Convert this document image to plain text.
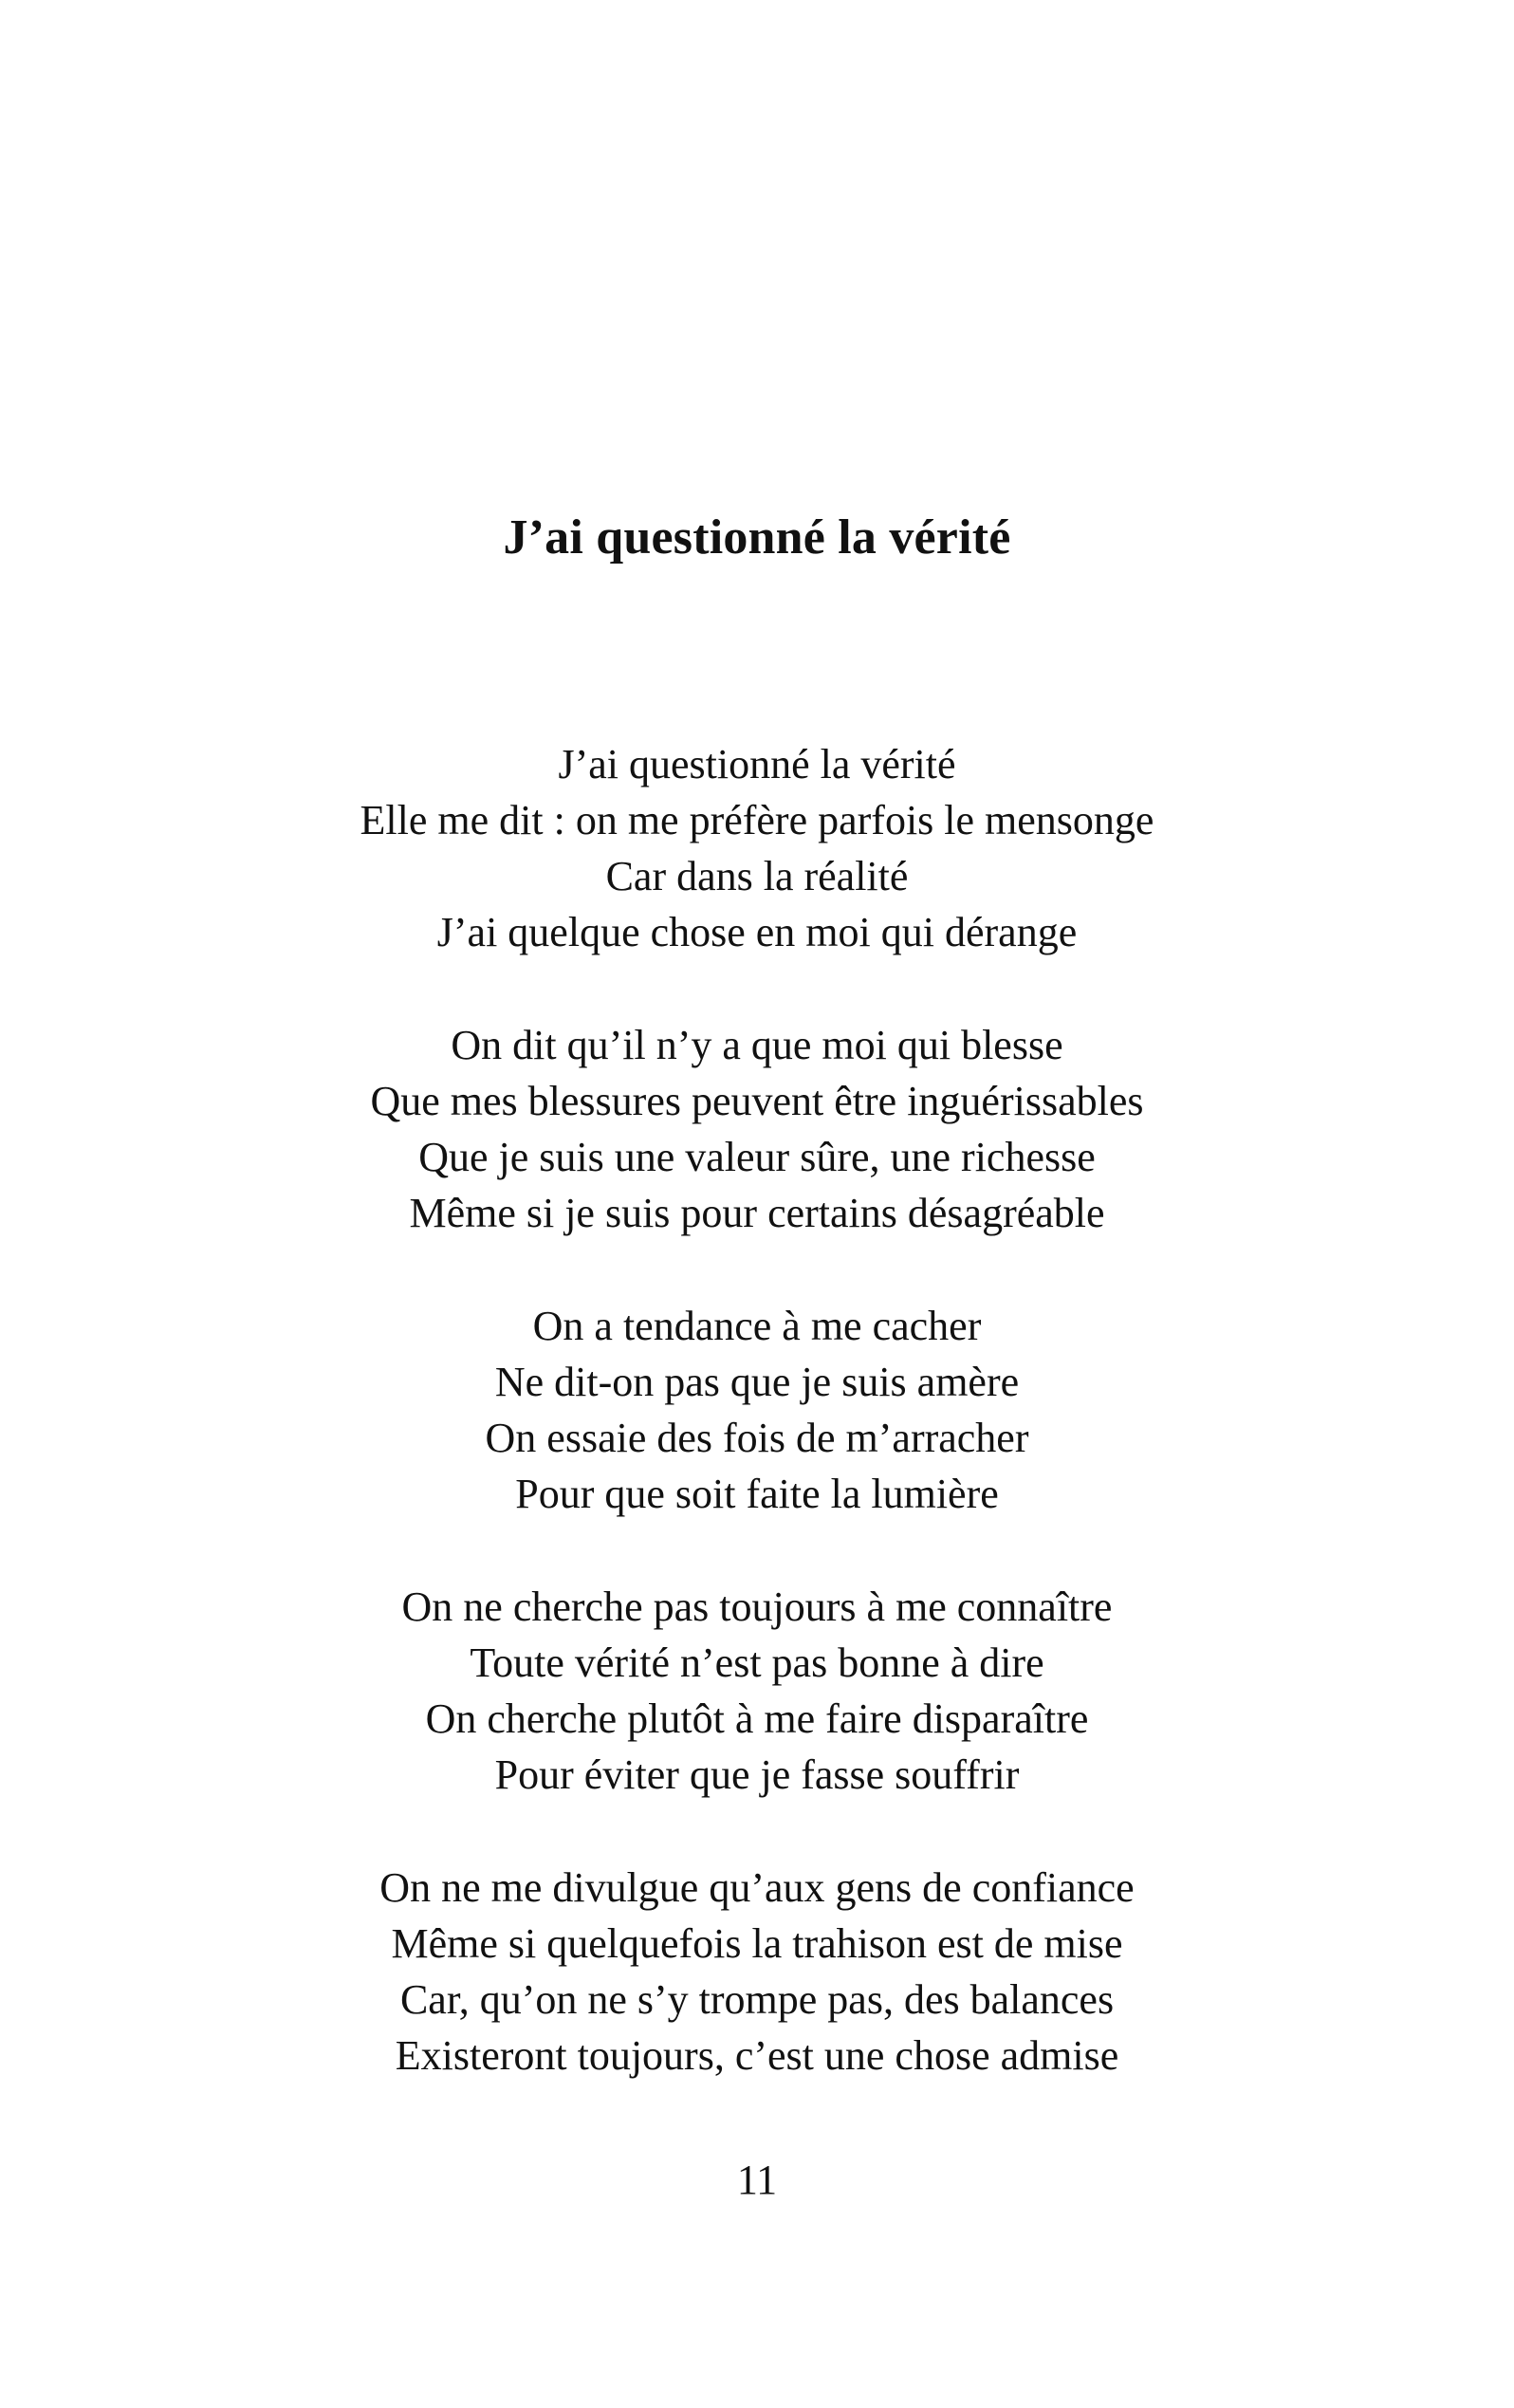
J’ai questionné la vérité
J’ai questionné la vérité
Elle me dit : on me préfère parfois le mensonge
Car dans la réalité
J’ai quelque chose en moi qui dérange
On dit qu’il n’y a que moi qui blesse
Que mes blessures peuvent être inguérissables
Que je suis une valeur sûre, une richesse
Même si je suis pour certains désagréable
On a tendance à me cacher
Ne dit-on pas que je suis amère
On essaie des fois de m’arracher
Pour que soit faite la lumière
On ne cherche pas toujours à me connaître
Toute vérité n’est pas bonne à dire
On cherche plutôt à me faire disparaître
Pour éviter que je fasse souffrir
On ne me divulgue qu’aux gens de confiance
Même si quelquefois la trahison est de mise
Car, qu’on ne s’y trompe pas, des balances
Existeront toujours, c’est une chose admise
11
